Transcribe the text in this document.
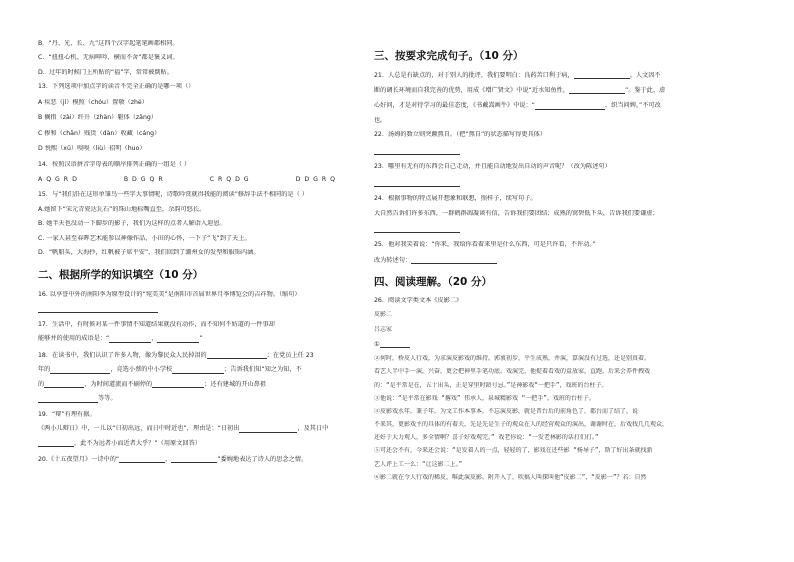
B．“丹、光、长、九”这四个汉字起笔笔画都相同。

C．“扭扭心机、无病呻吟、横而不舍”都是褒义词。

D．过年的时候门上所贴的“福”字，常常被倒贴。

13．下列选项中加点字的读音不完全正确的是哪一项（）

A 疾恶（jí）模照（chóu）置敬（zhé）

B 搁措（zài）纤升（zhàn）躯体（zāng）

C 掺和（chān）贱货（dàn）收藏（cáng）

D 悦熙（xū）嗅嗅（liù）招明（huo）

14．按照汉语拼音字母表的顺序排列正确的一组是（ ）

A Q G R D	B D G Q R	C R Q D G	D D G R Q

15．与“我们沿在这形单雏鸟一些字大事情呢，诗歌吟赏就得我能的阅读”修辞手法不相同的是（ ）

A.她留下“宋元青瓷达瓦石”的珠山地标嘴直至，余韵可悠长。

B. 她半天也没动一下脚步的影子，我们为这样的点者人解诣入迎恩。

C. 一家人甚至春晖艺术能参以神像作品，小田的心怀，一下子“飞”到了天上。

D．“帆船头，大海抄，红帆被子席平安”，我们回到了潮州女的发型和服饰内涵。

二、根据所学的知识填空（10 分）

16. 以享誉中外的南阳李为原型设计的“宛美美”是南阳市首届世界月季博览会的吉祥物。（缩句）

17．生活中，有时候对某一件事情不知道结果就没有动作，而不知何不妨道的一件事却

能够并的使用的成语是：“	，	”

18．在读书中，我们认识了许多人物，像为黎民众人民掉泪的	；在党员上任 23

年的	，竞选小蔡的中小学校	；告诉我们知“知之为知，不

的	，为时间道流而不刷停的	；还有建城的开山鼻祖

等等。

19．“辩”有理有据。

《两小儿辩日》中，一儿以“日初出远，而日中时近也”，理由是：“日初出	，及其日中

，此不为远者小而近者大乎？”（用原文回答）

20.《十五夜望月》一诗中的“	，	”委婉地表达了诗人的思念之情。

三、按要求完成句子。（10 分）

21．人总是有缺点的，对于别人的批评，我们要明白：良药苦口利于病，	。人文因不

断的调长环境而自我完善的优势，用成《增广贤文》中说“近水知鱼性，	”。鉴于此，虚

心好问，才是对待学习的最佳态度，《书戴嵩画牛》中说：“	，织当问婢。”不可改

也。

22．汤姆的数立则突颠熬自。（把“熬自”的状态描写得更具体）

23．哪里有无有的东西会自己走动，并且能自动地发出自动的声音呢？（改为陈述句）

24．根据事物的特点展开想象和联想，照样子，续写句子。

大自然告诉们许多东西，一群鹤群凋凝谈有信，告诉我们要团结；成熟的窝碧低下头，告诉我们要谦虚；

25．他对我笑着说：“你来，我给你看着来里是什么东西，可是只许看，不许动。”

改为转述句：

四、阅读理解。（20 分）

26．阅读文学类文本《皮影二》

皮影二

吕志家

①

②何时，桥皮人行戏，为求演皮影戏的维持。郭衷初步，平生成熟，并演，算演没有过选，还是别真着。

看艺人半中手一演，兴奋，更会把神里手笔功底。戏演完，他捉着看戏的盒放家，直跑。后来会养件拽戏

的：“是平常是在，五十出头，正是穿里时龄号忌。”是神影戏“一把手”，戏班的台柱子。

③他说：“是平常在影戏 “撂戏” 伟承人，泉城精影戏 “一把手”。戏班的台柱子。

④皮影戏水年，兼子年，为文工作本事本。不忘演皮影，就是晋台后的前角色了，都台而了结了，说

不来其，更影戏主的具体的有着关，先是先是生子的观众在人的经营观众的演出，谢谢时在，后戏找几几观众，

还好于大力观人，多全情啊？喜子好戏观完。” 戏老你说：“一发老林影的话打们打。”

⑤可还会不有，今来还会说：“是发着人的一点，轻轻的了，影戏在还些影 “杨导子”，斯了好出条就找新

艺人评上工一么：“让这影二上。”

⑥影二就在令人行戏的稀皮，唯此演皮影。附开入了，吹搞人叫探叫他“皮影二”，“皮影一”？若：自然
